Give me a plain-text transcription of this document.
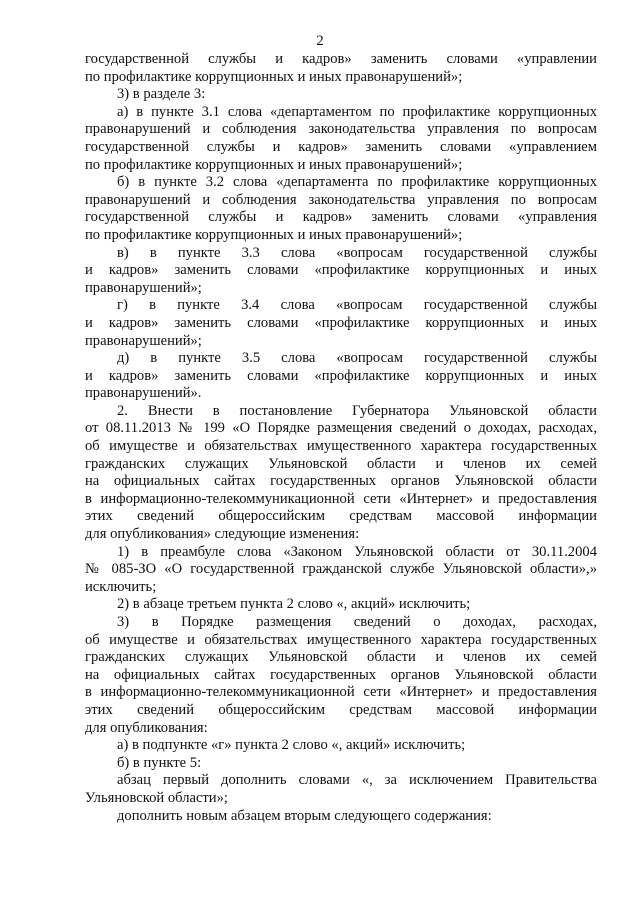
2

государственной службы и кадров» заменить словами «управлении

по профилактике коррупционных и иных правонарушений»;

3) в разделе 3:

а) в пункте 3.1 слова «департаментом по профилактике коррупционных

правонарушений и соблюдения законодательства управления по вопросам

государственной службы и кадров» заменить словами «управлением

по профилактике коррупционных и иных правонарушений»;

б) в пункте 3.2 слова «департамента по профилактике коррупционных

правонарушений и соблюдения законодательства управления по вопросам

государственной службы и кадров» заменить словами «управления

по профилактике коррупционных и иных правонарушений»;

в) в пункте 3.3 слова «вопросам государственной службы

и кадров» заменить словами «профилактике коррупционных и иных

правонарушений»;

г) в пункте 3.4 слова «вопросам государственной службы

и кадров» заменить словами «профилактике коррупционных и иных

правонарушений»;

д) в пункте 3.5 слова «вопросам государственной службы

и кадров» заменить словами «профилактике коррупционных и иных

правонарушений».

2. Внести в постановление Губернатора Ульяновской области

от 08.11.2013 № 199 «О Порядке размещения сведений о доходах, расходах,

об имуществе и обязательствах имущественного характера государственных

гражданских служащих Ульяновской области и членов их семей

на официальных сайтах государственных органов Ульяновской области

в информационно-телекоммуникационной сети «Интернет» и предоставления

этих сведений общероссийским средствам массовой информации

для опубликования» следующие изменения:

1) в преамбуле слова «Законом Ульяновской области от 30.11.2004

№ 085-ЗО «О государственной гражданской службе Ульяновской области»,»

исключить;

2) в абзаце третьем пункта 2 слово «, акций» исключить;

3) в Порядке размещения сведений о доходах, расходах,

об имуществе и обязательствах имущественного характера государственных

гражданских служащих Ульяновской области и членов их семей

на официальных сайтах государственных органов Ульяновской области

в информационно-телекоммуникационной сети «Интернет» и предоставления

этих сведений общероссийским средствам массовой информации

для опубликования:

а) в подпункте «г» пункта 2 слово «, акций» исключить;

б) в пункте 5:

абзац первый дополнить словами «, за исключением Правительства

Ульяновской области»;

дополнить новым абзацем вторым следующего содержания:
